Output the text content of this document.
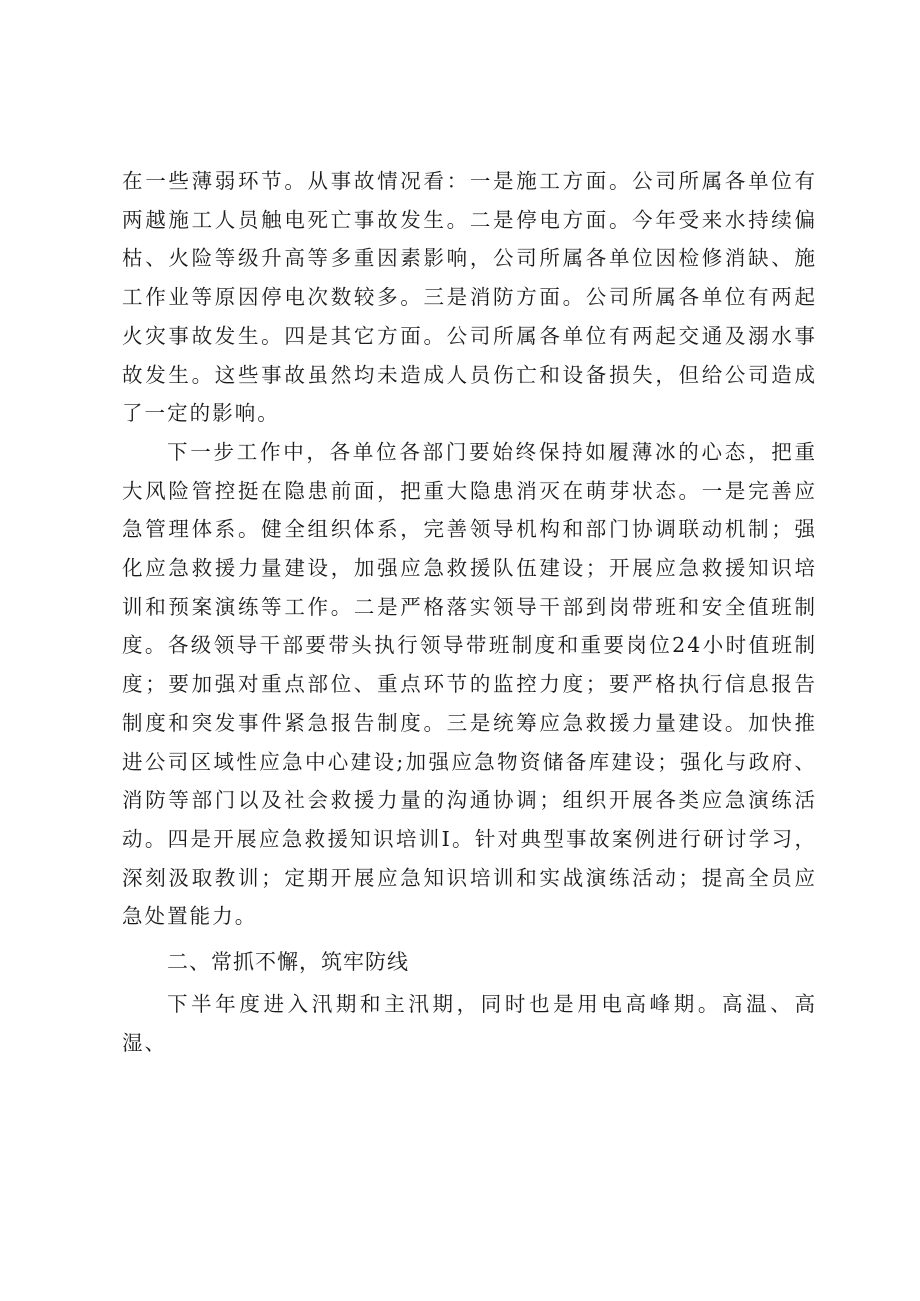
在一些薄弱环节。从事故情况看：一是施工方面。公司所属各单位有两越施工人员触电死亡事故发生。二是停电方面。今年受来水持续偏枯、火险等级升高等多重因素影响，公司所属各单位因检修消缺、施工作业等原因停电次数较多。三是消防方面。公司所属各单位有两起火灾事故发生。四是其它方面。公司所属各单位有两起交通及溺水事故发生。这些事故虽然均未造成人员伤亡和设备损失，但给公司造成了一定的影响。

下一步工作中，各单位各部门要始终保持如履薄冰的心态，把重大风险管控挺在隐患前面，把重大隐患消灭在萌芽状态。一是完善应急管理体系。健全组织体系，完善领导机构和部门协调联动机制；强化应急救援力量建设，加强应急救援队伍建设；开展应急救援知识培训和预案演练等工作。二是严格落实领导干部到岗带班和安全值班制度。各级领导干部要带头执行领导带班制度和重要岗位24小时值班制度；要加强对重点部位、重点环节的监控力度；要严格执行信息报告制度和突发事件紧急报告制度。三是统筹应急救援力量建设。加快推进公司区域性应急中心建设;加强应急物资储备库建设；强化与政府、消防等部门以及社会救援力量的沟通协调；组织开展各类应急演练活动。四是开展应急救援知识培训Ⅰ。针对典型事故案例进行研讨学习，深刻汲取教训；定期开展应急知识培训和实战演练活动；提高全员应急处置能力。

二、常抓不懈，筑牢防线

下半年度进入汛期和主汛期，同时也是用电高峰期。高温、高湿、
